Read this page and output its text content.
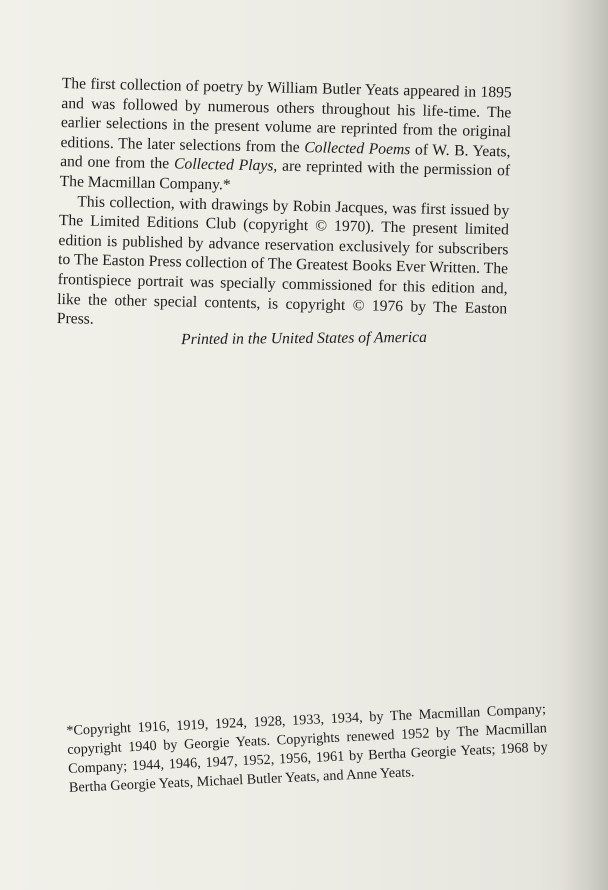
The first collection of poetry by William Butler Yeats appeared in 1895 and was followed by numerous others throughout his life-time. The earlier selections in the present volume are reprinted from the original editions. The later selections from the Collected Poems of W. B. Yeats, and one from the Collected Plays, are reprinted with the permission of The Macmillan Company.*

This collection, with drawings by Robin Jacques, was first issued by The Limited Editions Club (copyright © 1970). The present limited edition is published by advance reservation exclusively for subscribers to The Easton Press collection of The Greatest Books Ever Written. The frontispiece portrait was specially commissioned for this edition and, like the other special contents, is copyright © 1976 by The Easton Press.

Printed in the United States of America

*Copyright 1916, 1919, 1924, 1928, 1933, 1934, by The Macmillan Company; copyright 1940 by Georgie Yeats. Copyrights renewed 1952 by The Macmillan Company; 1944, 1946, 1947, 1952, 1956, 1961 by Bertha Georgie Yeats; 1968 by Bertha Georgie Yeats, Michael Butler Yeats, and Anne Yeats.
